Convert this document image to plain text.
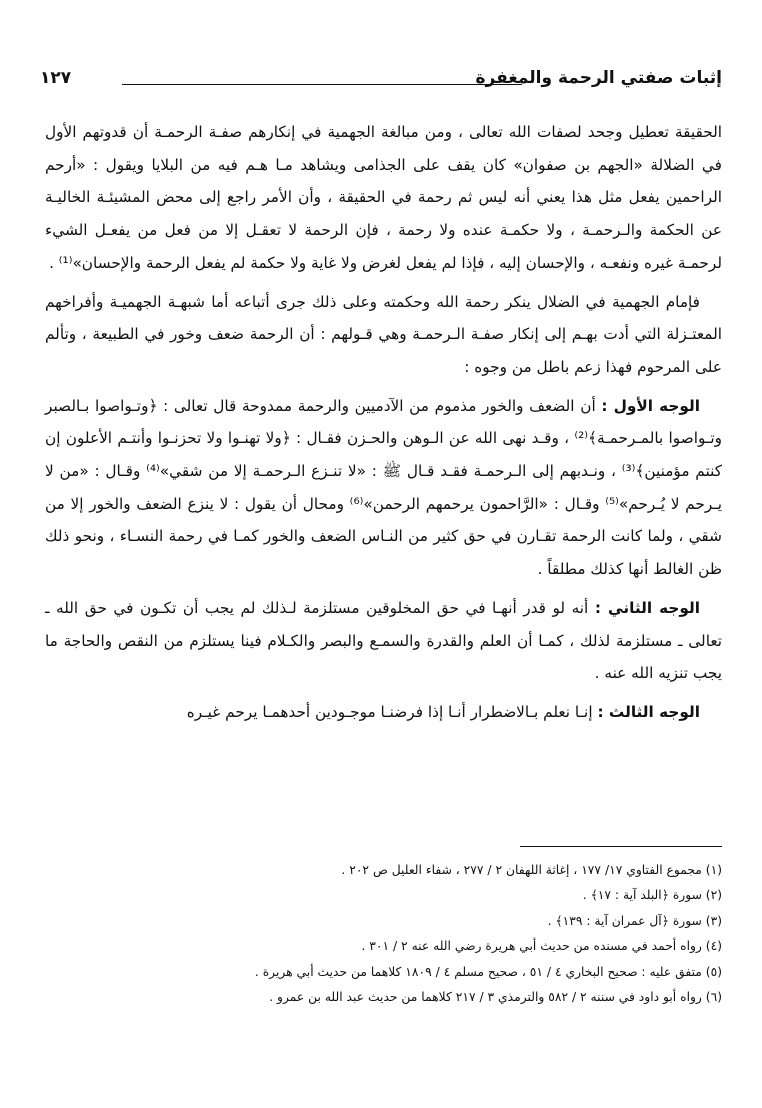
إثبات صفتي الرحمة والمغفرة
١٢٧

الحقيقة تعطيل وجحد لصفات الله تعالى ، ومن مبالغة الجهمية في إنكارهم صفـة الرحمـة أن قدوتهم الأول في الضلالة «الجهم بن صفوان» كان يقف على الجذامى ويشاهد مـا هـم فيه من البلايا ويقول : «أرحم الراحمين يفعل مثل هذا يعني أنه ليس ثم رحمة في الحقيقة ، وأن الأمر راجع إلى محض المشيئـة الخاليـة عن الحكمة والـرحمـة ، ولا حكمـة عنده ولا رحمة ، فإن الرحمة لا تعقـل إلا من فعل من يفعـل الشيء لرحمـة غيره ونفعـه ، والإحسان إليه ، فإذا لم يفعل لغرض ولا غاية ولا حكمة لم يفعل الرحمة والإحسان»⁽¹⁾ .

فإمام الجهمية في الضلال ينكر رحمة الله وحكمته وعلى ذلك جرى أتباعه أما شبهـة الجهميـة وأفراخهم المعتـزلة التي أدت بهـم إلى إنكار صفـة الـرحمـة وهي قـولهم : أن الرحمة ضعف وخور في الطبيعة ، وتألم على المرحوم فهذا زعم باطل من وجوه :

الوجه الأول : أن الضعف والخور مذموم من الآدميين والرحمة ممدوحة قال تعالى : ﴿وتـواصوا بـالصبر وتـواصوا بالمـرحمـة﴾⁽²⁾ ، وقـد نهى الله عن الـوهن والحـزن فقـال : ﴿ولا تهنـوا ولا تحزنـوا وأنتـم الأعلون إن كنتم مؤمنين﴾⁽³⁾ ، ونـدبهم إلى الـرحمـة فقـد قـال ﷺ : «لا تنـزع الـرحمـة إلا من شقي»⁽⁴⁾ وقـال : «من لا يـرحم لا يُـرحم»⁽⁵⁾ وقـال : «الرَّاحمون يرحمهم الرحمن»⁽⁶⁾ ومحال أن يقول : لا ينزع الضعف والخور إلا من شقي ، ولما كانت الرحمة تقـارن في حق كثير من النـاس الضعف والخور كمـا في رحمة النسـاء ، ونحو ذلك ظن الغالط أنها كذلك مطلقاً .

الوجه الثاني : أنه لو قدر أنهـا في حق المخلوقين مستلزمة لـذلك لم يجب أن تكـون في حق الله ـ تعالى ـ مستلزمة لذلك ، كمـا أن العلم والقدرة والسمـع والبصر والكـلام فينا يستلزم من النقص والحاجة ما يجب تنزيه الله عنه .

الوجه الثالث : إنـا نعلم بـالاضطرار أنـا إذا فرضنـا موجـودين أحدهمـا يرحم غيـره

(١) مجموع الفتاوي ١٧/ ١٧٧ ، إغاثة اللهفان ٢ / ٢٧٧ ، شفاء العليل ص ٢٠٢ .
(٢) سورة ﴿البلد آية : ١٧﴾ .
(٣) سورة ﴿آل عمران آية : ١٣٩﴾ .
(٤) رواه أحمد في مسنده من حديث أبي هريرة رضي الله عنه ٢ / ٣٠١ .
(٥) متفق عليه : صحيح البخاري ٤ / ٥١ ، صحيح مسلم ٤ / ١٨٠٩ كلاهما من حديث أبي هريرة .
(٦) رواه أبو داود في سننه ٢ / ٥٨٢ والترمذي ٣ / ٢١٧ كلاهما من حديث عبد الله بن عمرو .
